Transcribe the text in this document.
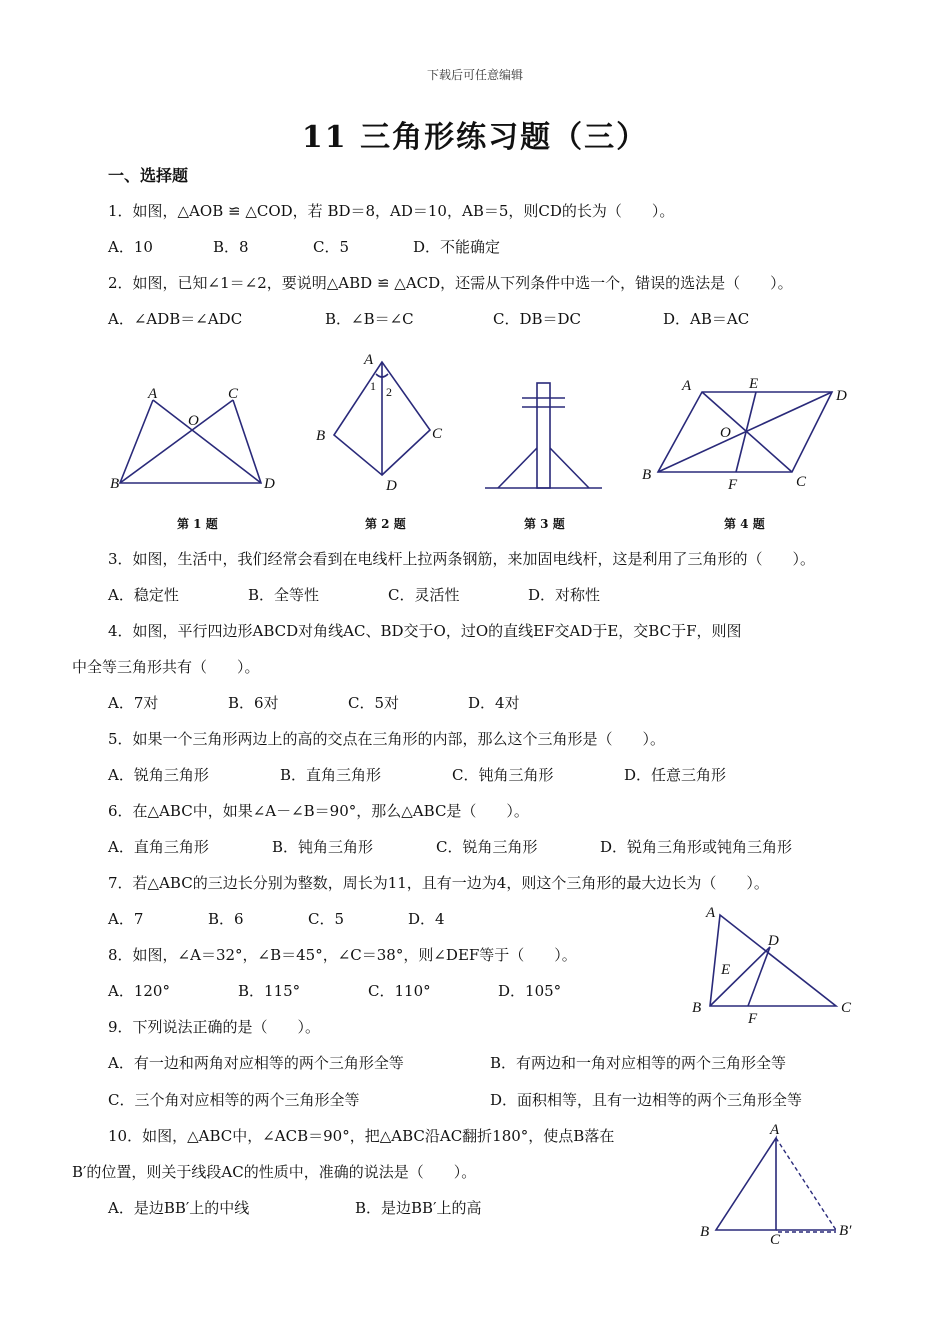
下载后可任意编辑
11 三角形练习题（三）
一、选择题
1．如图，△AOB ≌ △COD，若 BD＝8，AD＝10，AB＝5，则CD的长为（　　）。
A．10	B．8	C．5	D．不能确定
2．如图，已知∠1＝∠2，要说明△ABD ≌ △ACD，还需从下列条件中选一个，错误的选法是（　　）。
A．∠ADB＝∠ADC	B．∠B＝∠C	C．DB＝DC	D．AB＝AC
A	C
O
B	D
第 1 题
A
1 2
B	C
D
第 2 题	第 3 题
A	E
D
O
B
F	C
第 4 题
3．如图，生活中，我们经常会看到在电线杆上拉两条钢筋，来加固电线杆，这是利用了三角形的（　　）。
A．稳定性	B．全等性	C．灵活性	D．对称性
4．如图，平行四边形ABCD对角线AC、BD交于O，过O的直线EF交AD于E，交BC于F，则图
中全等三角形共有（　　）。
A．7对	B．6对	C．5对	D．4对
5．如果一个三角形两边上的高的交点在三角形的内部，那么这个三角形是（　　）。
A．锐角三角形	B．直角三角形	C．钝角三角形	D．任意三角形
6．在△ABC中，如果∠A－∠B＝90°，那么△ABC是（　　）。
A．直角三角形	B．钝角三角形	C．锐角三角形	D．锐角三角形或钝角三角形
7．若△ABC的三边长分别为整数，周长为11，且有一边为4，则这个三角形的最大边长为（　　）。
A．7	B．6	C．5	D．4	A
D
E
B
F
C
8．如图，∠A＝32°，∠B＝45°，∠C＝38°，则∠DEF等于（　　）。
A．120°	B．115°	C．110°	D．105°
9．下列说法正确的是（　　）。
A．有一边和两角对应相等的两个三角形全等	B．有两边和一角对应相等的两个三角形全等
C．三个角对应相等的两个三角形全等	D．面积相等，且有一边相等的两个三角形全等
10．如图，△ABC中，∠ACB＝90°，把△ABC沿AC翻折180°，使点B落在
B′的位置，则关于线段AC的性质中，准确的说法是（　　）。
A．是边BB′上的中线	B．是边BB′上的高
A
B	C
B′
